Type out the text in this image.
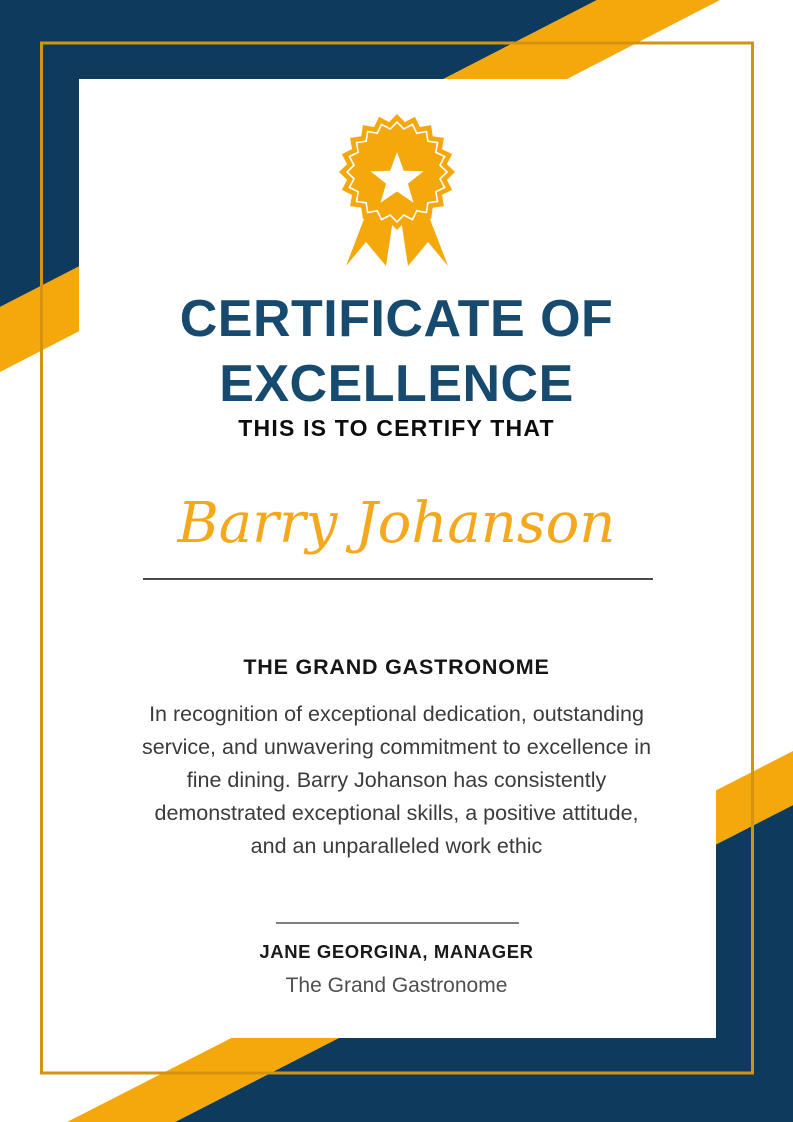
CERTIFICATE OF
EXCELLENCE
THIS IS TO CERTIFY THAT
Barry Johanson
THE GRAND GASTRONOME
In recognition of exceptional dedication, outstanding
service, and unwavering commitment to excellence in
fine dining. Barry Johanson has consistently
demonstrated exceptional skills, a positive attitude,
and an unparalleled work ethic
JANE GEORGINA, MANAGER
The Grand Gastronome
